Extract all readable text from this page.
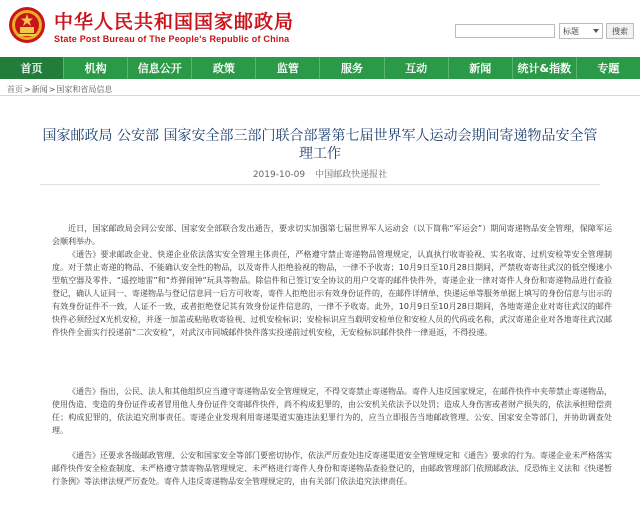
中华人民共和国国家邮政局
State Post Bureau of The People's Republic of China
标题	搜索
首页	机构	信息公开	政策	监管	服务	互动	新闻	统计&指数	专题
首页>新闻>国家和省局信息
国家邮政局 公安部 国家安全部三部门联合部署第七届世界军人运动会期间寄递物品安全管理工作
2019-10-09 中国邮政快递报社

近日，国家邮政局会同公安部、国家安全部联合发出通告，要求切实加强第七届世界军人运动会（以下简称“军运会”）期间寄递物品安全管理，保障军运会顺利举办。

《通告》要求邮政企业、快递企业依法落实安全管理主体责任，严格遵守禁止寄递物品管理规定，认真执行收寄验视、实名收寄、过机安检等安全管理制度。对于禁止寄递的物品、不能确认安全性的物品，以及寄件人拒绝验视的物品，一律不予收寄；10月9日至10月28日期间，严禁收寄寄往武汉的低空慢速小型航空器及零件、“遥控地雷”和“炸弹闹钟”玩具等物品。除信件和已签订安全协议的用户交寄的邮件快件外，寄递企业一律对寄件人身份和寄递物品进行查验登记，确认人证同一、寄递物品与登记信息同一后方可收寄，寄件人拒绝出示有效身份证件的，在邮件详情单、快递运单等服务单据上填写的身份信息与出示的有效身份证件不一致，人证不一致，或者拒绝登记其有效身份证件信息的，一律不予收寄。此外，10月9日至10月28日期间，各地寄递企业对寄往武汉的邮件快件必须经过X光机安检，并逐一加盖或粘贴收寄验视、过机安检标识；安检标识应当载明安检单位和安检人员的代码或名称，武汉寄递企业对各地寄往武汉邮件快件全面实行投递前“二次安检”，对武汉市同城邮件快件落实投递前过机安检，无安检标识邮件快件一律退返，不得投递。

《通告》指出，公民、法人和其他组织应当遵守寄递物品安全管理规定，不得交寄禁止寄递物品。寄件人违反国家规定，在邮件快件中夹带禁止寄递物品，使用伪造、变造的身份证件或者冒用他人身份证件交寄邮件快件，尚不构成犯罪的，由公安机关依法予以处罚；造成人身伤害或者财产损失的，依法承担赔偿责任；构成犯罪的，依法追究刑事责任。寄递企业发现利用寄递渠道实施违法犯罪行为的，应当立即报告当地邮政管理、公安、国家安全等部门，并协助调查处理。

《通告》还要求各级邮政管理、公安和国家安全等部门要密切协作，依法严厉查处违反寄递渠道安全管理规定和《通告》要求的行为。寄递企业未严格落实邮件快件安全检查制度、未严格遵守禁寄物品管理规定、未严格进行寄件人身份和寄递物品查验登记的，由邮政管理部门依照邮政法、反恐怖主义法和《快递暂行条例》等法律法规严厉查处。寄件人违反寄递物品安全管理规定的，由有关部门依法追究法律责任。
